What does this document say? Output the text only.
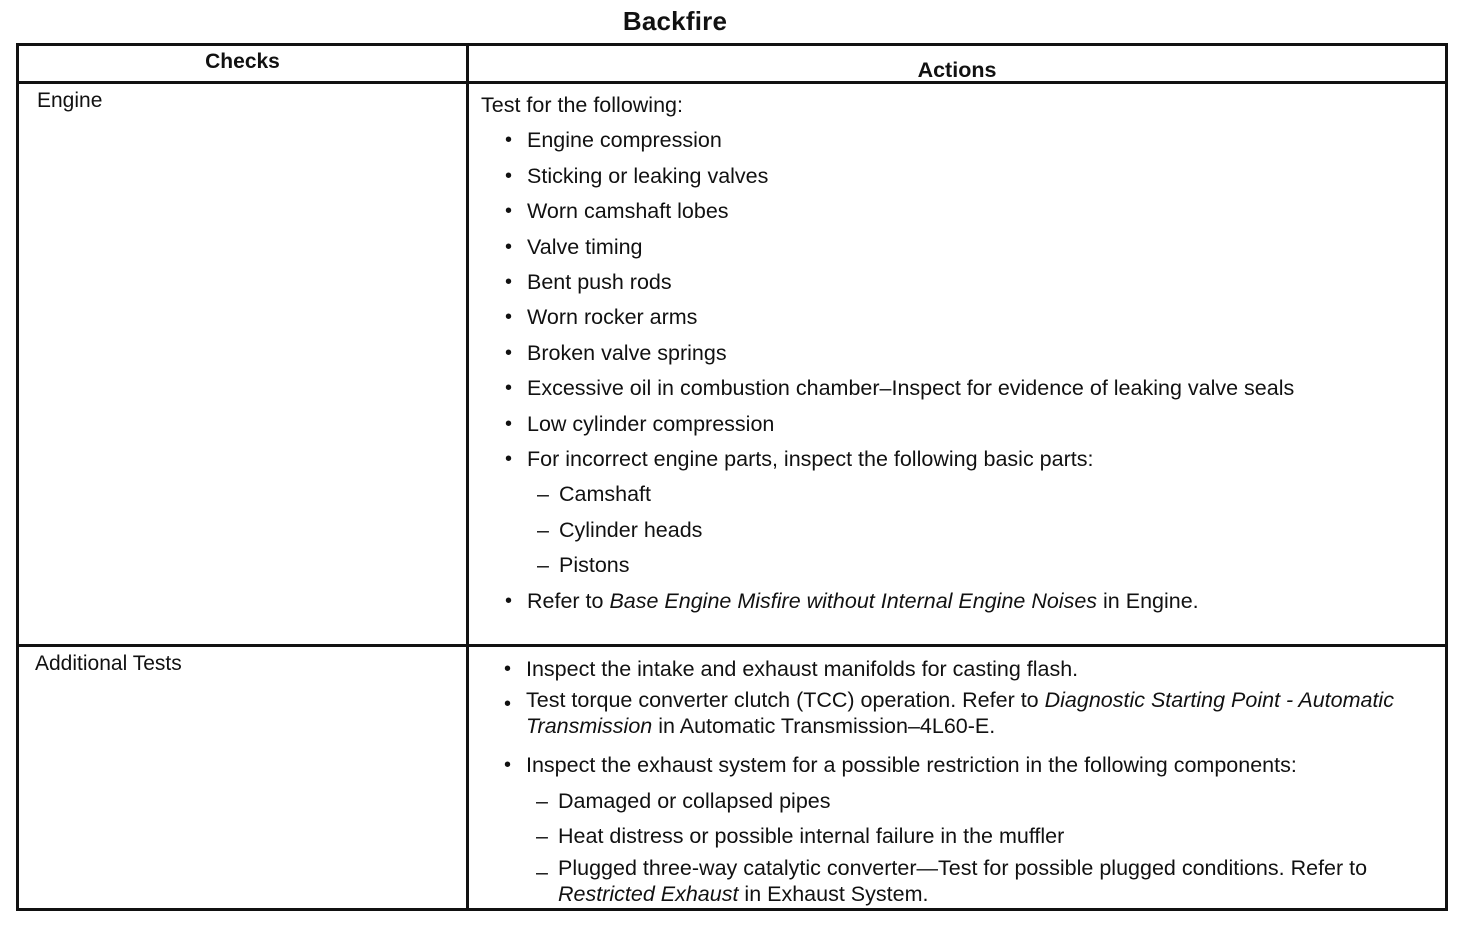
Backfire
Checks	Actions
Engine
Additional Tests

Test for the following:

• Engine compression
• Sticking or leaking valves
• Worn camshaft lobes
• Valve timing
• Bent push rods
• Worn rocker arms
• Broken valve springs
• Excessive oil in combustion chamber–Inspect for evidence of leaking valve seals
• Low cylinder compression
• For incorrect engine parts, inspect the following basic parts:
– Camshaft
– Cylinder heads
– Pistons
• Refer to Base Engine Misfire without Internal Engine Noises in Engine.
• Inspect the intake and exhaust manifolds for casting flash.
• Test torque converter clutch (TCC) operation. Refer to Diagnostic Starting Point - Automatic Transmission in Automatic Transmission–4L60-E.
• Inspect the exhaust system for a possible restriction in the following components:
– Damaged or collapsed pipes
– Heat distress or possible internal failure in the muffler
– Plugged three-way catalytic converter—Test for possible plugged conditions. Refer to Restricted Exhaust in Exhaust System.
